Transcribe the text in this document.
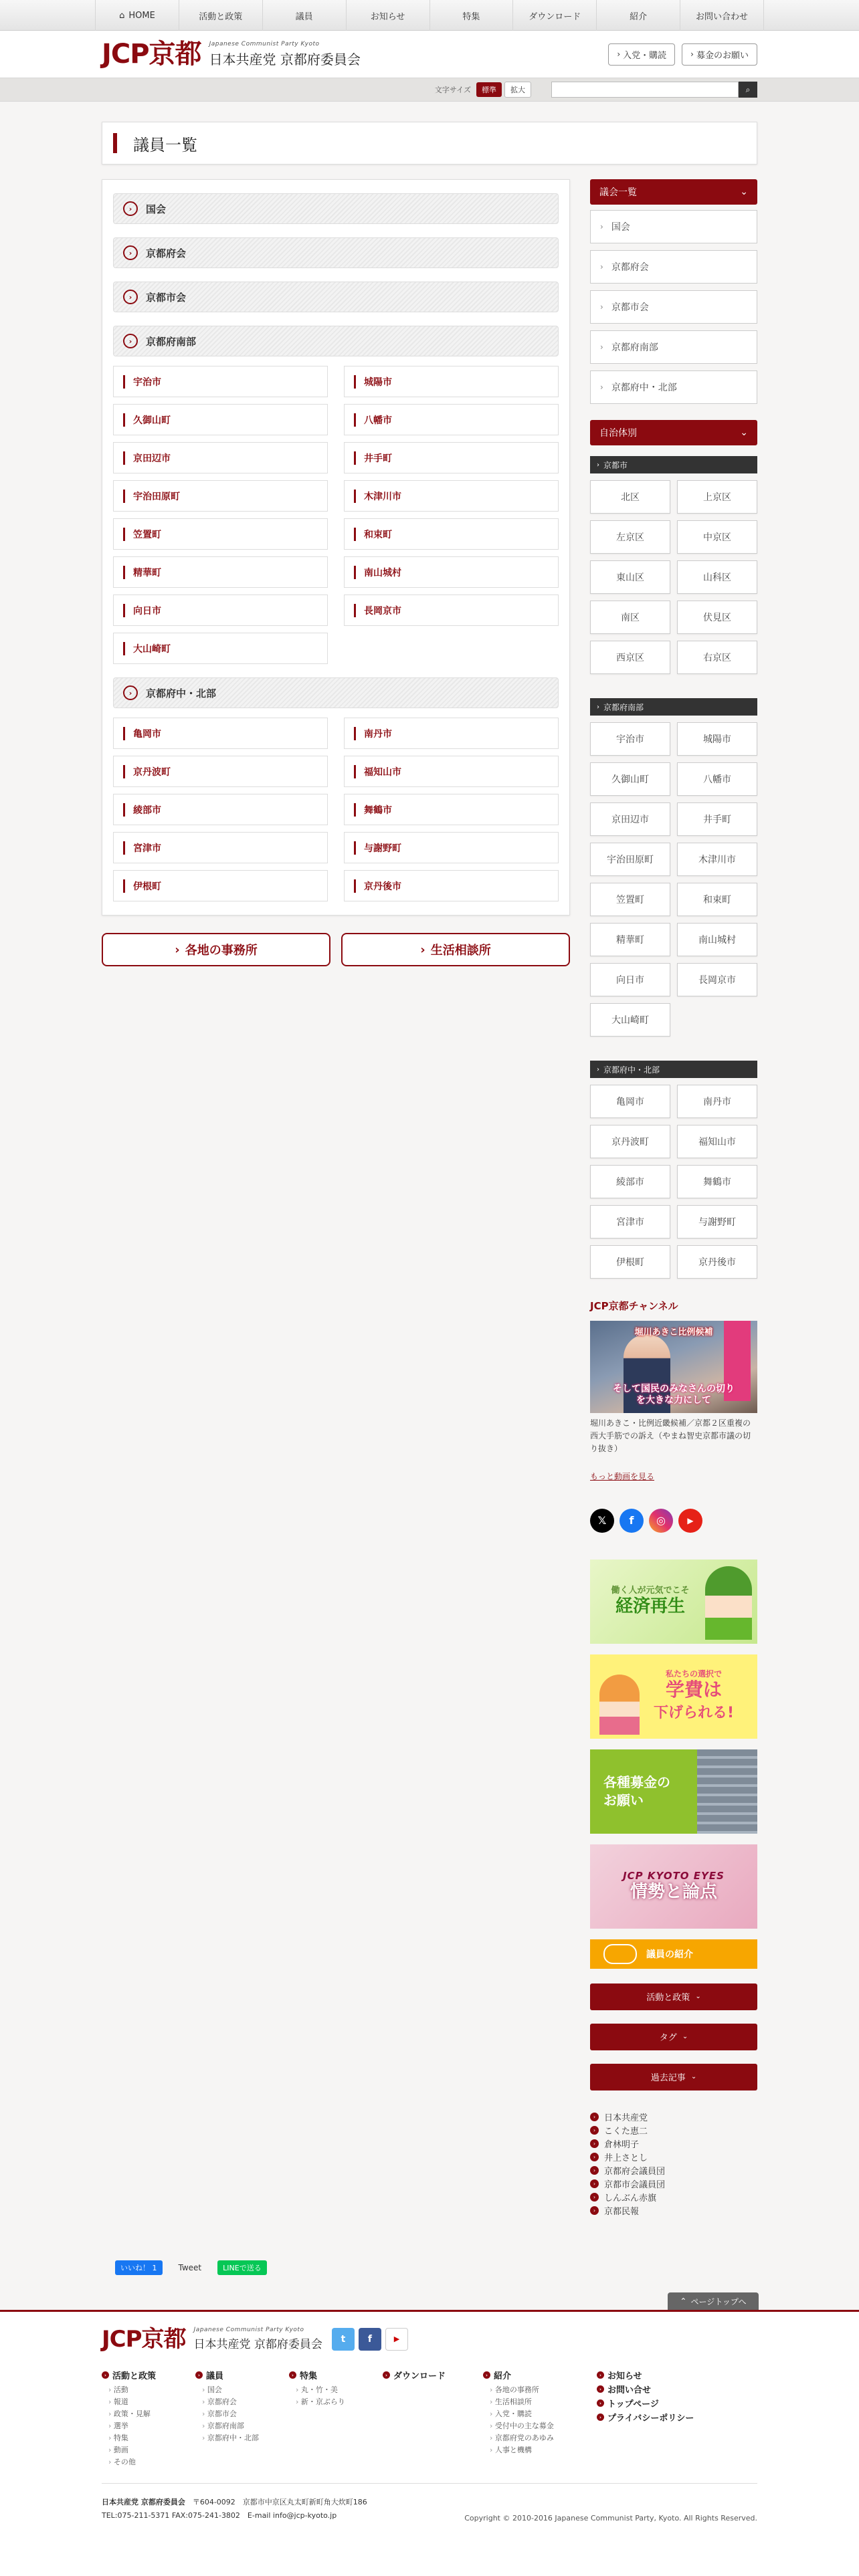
⌂ HOME	活動と政策	議員	お知らせ	特集	ダウンロード	紹介	お問い合わせ
JCP京都 Japanese Communist Party Kyoto
日本共産党 京都府委員会	› 入党・購読	› 募金のお願い
文字サイズ	標準	拡大	⌕
議員一覧
›	国会
›	京都府会
›	京都市会
›	京都府南部
宇治市	城陽市
久御山町	八幡市
京田辺市	井手町
宇治田原町	木津川市
笠置町	和束町
精華町	南山城村
向日市	長岡京市
大山崎町
›	京都府中・北部
亀岡市	南丹市
京丹波町	福知山市
綾部市	舞鶴市
宮津市	与謝野町
伊根町	京丹後市
› 各地の事務所	› 生活相談所
議会一覧	⌄
› 国会
› 京都府会
› 京都市会
› 京都府南部
› 京都府中・北部
自治体別	⌄
› 京都市
北区	上京区
左京区	中京区
東山区	山科区
南区	伏見区
西京区	右京区
› 京都府南部
宇治市	城陽市
久御山町	八幡市
京田辺市	井手町
宇治田原町	木津川市
笠置町	和束町
精華町	南山城村
向日市	長岡京市
大山崎町
› 京都府中・北部
亀岡市	南丹市
京丹波町	福知山市
綾部市	舞鶴市
宮津市	与謝野町
伊根町	京丹後市
JCP京都チャンネル
堀川あきこ比例候補
そして国民のみなさんの切り
を大きな力にして
堀川あきこ・比例近畿候補／京都２区重複の西大手筋での訴え（やまね智史京都市議の切り抜き）
もっと動画を見る
𝕏	f	◎	▶
働く人が元気でこそ
経済再生
私たちの選択で
学費は
下げられる!
各種募金の
お願い
JCP KYOTO EYES
情勢と論点
議員の紹介
活動と政策 ⌄
タグ ⌄
過去記事 ⌄
› 日本共産党
› こくた恵二
› 倉林明子
› 井上さとし
› 京都府会議員団
› 京都市会議員団
› しんぶん赤旗
› 京都民報
いいね！ 1	Tweet	LINEで送る
⌃ ページトップへ
JCP京都 Japanese Communist Party Kyoto
日本共産党 京都府委員会	t	f	▶
› 活動と政策
› 活動
› 報道
› 政策・見解
› 選挙
› 特集
› 動画
› その他
› 議員
› 国会
› 京都府会
› 京都市会
› 京都府南部
› 京都府中・北部
› 特集
› 丸・竹・美
› 新・京ぶらり
› ダウンロード	› 紹介
› 各地の事務所
› 生活相談所
› 入党・購読
› 受付中の主な募金
› 京都府党のあゆみ
› 人事と機構
› お知らせ
› お問い合せ
› トップページ
› プライバシーポリシー
日本共産党 京都府委員会　 〒604-0092　京都市中京区丸太町新町角大炊町186
TEL:075-211-5371 FAX:075-241-3802　E-mail info@jcp-kyoto.jp	Copyright © 2010-2016 Japanese Communist Party, Kyoto. All Rights Reserved.
